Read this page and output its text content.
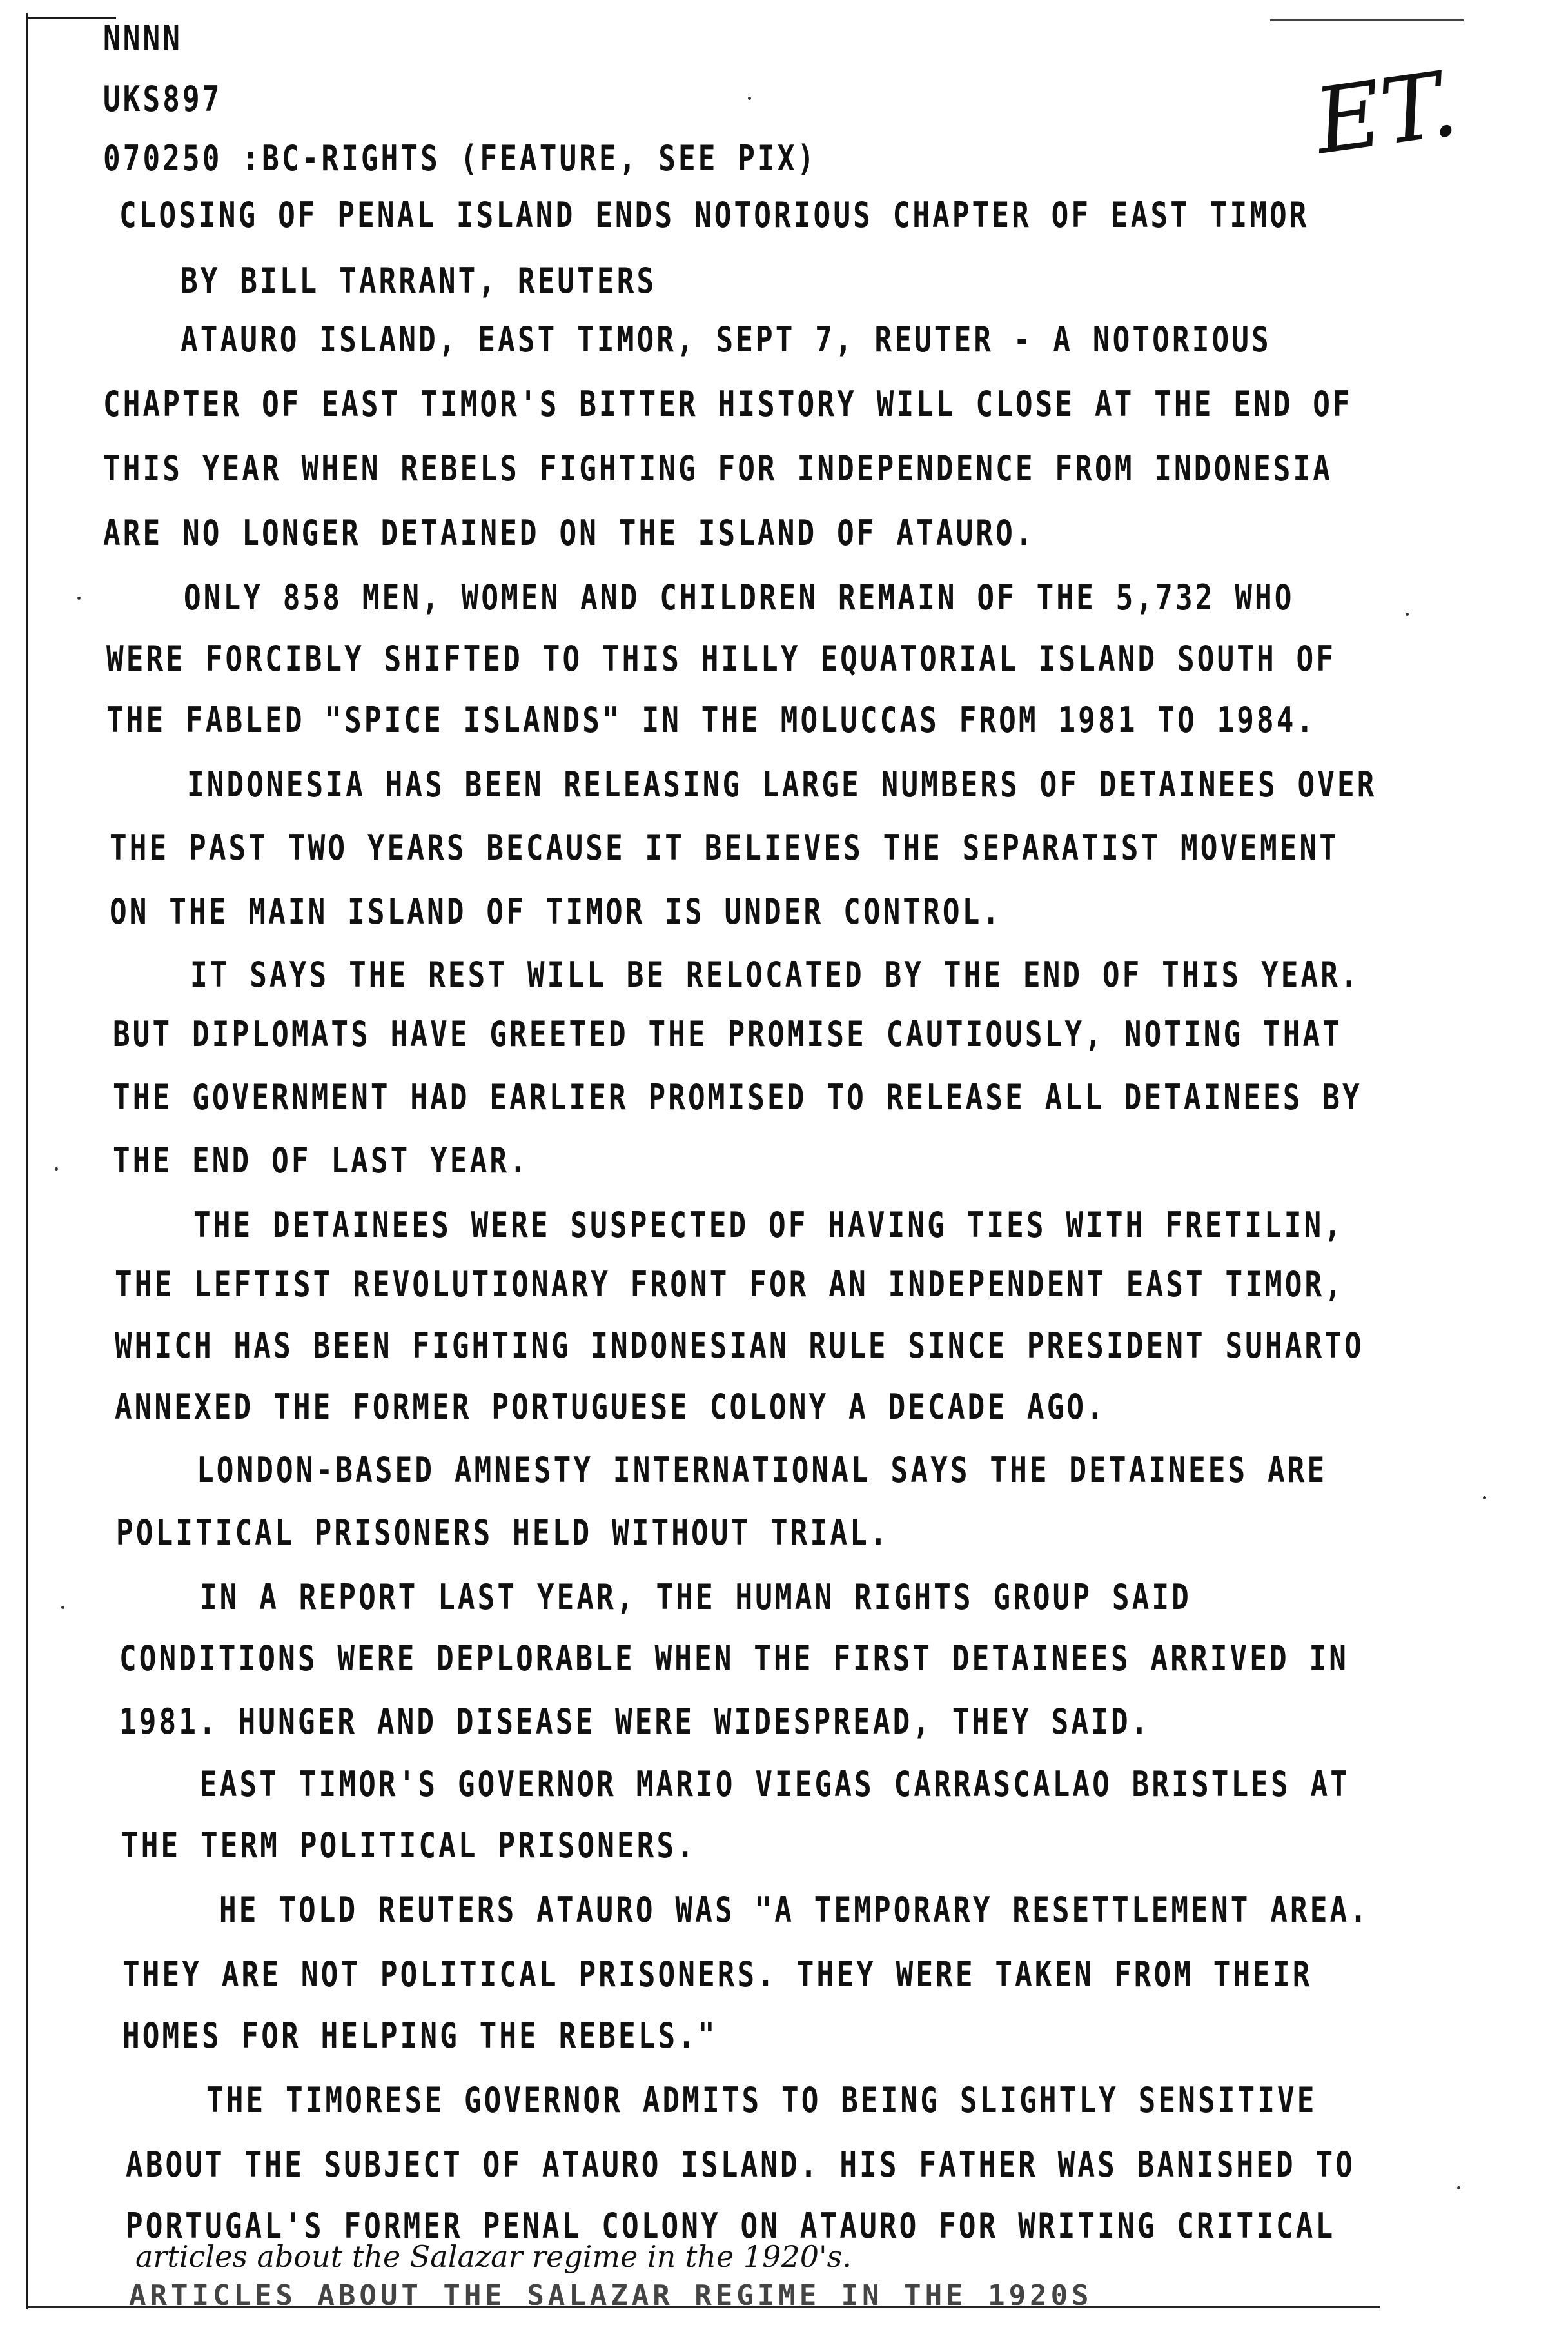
NNNN
UKS897
070250 :BC-RIGHTS (FEATURE, SEE PIX)
CLOSING OF PENAL ISLAND ENDS NOTORIOUS CHAPTER OF EAST TIMOR
BY BILL TARRANT, REUTERS
ET.
ATAURO ISLAND, EAST TIMOR, SEPT 7, REUTER - A NOTORIOUS
CHAPTER OF EAST TIMOR'S BITTER HISTORY WILL CLOSE AT THE END OF
THIS YEAR WHEN REBELS FIGHTING FOR INDEPENDENCE FROM INDONESIA
ARE NO LONGER DETAINED ON THE ISLAND OF ATAURO.
ONLY 858 MEN, WOMEN AND CHILDREN REMAIN OF THE 5,732 WHO
WERE FORCIBLY SHIFTED TO THIS HILLY EQUATORIAL ISLAND SOUTH OF
THE FABLED "SPICE ISLANDS" IN THE MOLUCCAS FROM 1981 TO 1984.
INDONESIA HAS BEEN RELEASING LARGE NUMBERS OF DETAINEES OVER
THE PAST TWO YEARS BECAUSE IT BELIEVES THE SEPARATIST MOVEMENT
ON THE MAIN ISLAND OF TIMOR IS UNDER CONTROL.
IT SAYS THE REST WILL BE RELOCATED BY THE END OF THIS YEAR.
BUT DIPLOMATS HAVE GREETED THE PROMISE CAUTIOUSLY, NOTING THAT
THE GOVERNMENT HAD EARLIER PROMISED TO RELEASE ALL DETAINEES BY
THE END OF LAST YEAR.
THE DETAINEES WERE SUSPECTED OF HAVING TIES WITH FRETILIN,
THE LEFTIST REVOLUTIONARY FRONT FOR AN INDEPENDENT EAST TIMOR,
WHICH HAS BEEN FIGHTING INDONESIAN RULE SINCE PRESIDENT SUHARTO
ANNEXED THE FORMER PORTUGUESE COLONY A DECADE AGO.
LONDON-BASED AMNESTY INTERNATIONAL SAYS THE DETAINEES ARE
POLITICAL PRISONERS HELD WITHOUT TRIAL.
IN A REPORT LAST YEAR, THE HUMAN RIGHTS GROUP SAID
CONDITIONS WERE DEPLORABLE WHEN THE FIRST DETAINEES ARRIVED IN
1981. HUNGER AND DISEASE WERE WIDESPREAD, THEY SAID.
EAST TIMOR'S GOVERNOR MARIO VIEGAS CARRASCALAO BRISTLES AT
THE TERM POLITICAL PRISONERS.
HE TOLD REUTERS ATAURO WAS "A TEMPORARY RESETTLEMENT AREA.
THEY ARE NOT POLITICAL PRISONERS. THEY WERE TAKEN FROM THEIR
HOMES FOR HELPING THE REBELS."
THE TIMORESE GOVERNOR ADMITS TO BEING SLIGHTLY SENSITIVE
ABOUT THE SUBJECT OF ATAURO ISLAND. HIS FATHER WAS BANISHED TO
PORTUGAL'S FORMER PENAL COLONY ON ATAURO FOR WRITING CRITICAL
articles about the Salazar regime in the 1920's.
ARTICLES ABOUT THE SALAZAR REGIME IN THE 1920S
